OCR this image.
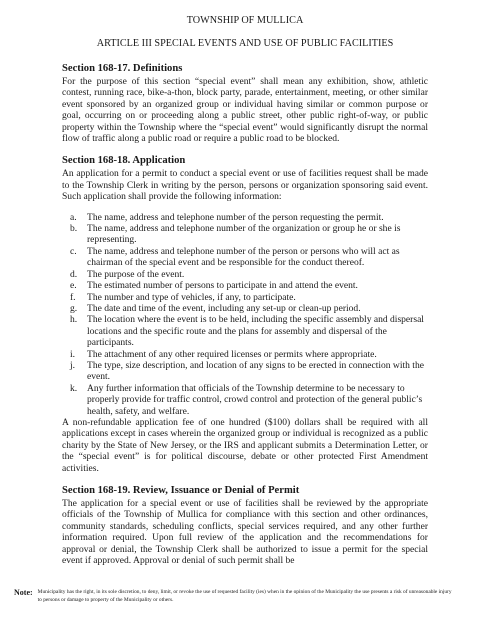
TOWNSHIP OF MULLICA

ARTICLE III SPECIAL EVENTS AND USE OF PUBLIC FACILITIES

Section 168-17. Definitions

For the purpose of this section “special event” shall mean any exhibition, show, athletic contest, running race, bike-a-thon, block party, parade, entertainment, meeting, or other similar event sponsored by an organized group or individual having similar or common purpose or goal, occurring on or proceeding along a public street, other public right-of-way, or public property within the Township where the “special event” would significantly disrupt the normal flow of traffic along a public road or require a public road to be blocked.

Section 168-18. Application

An application for a permit to conduct a special event or use of facilities request shall be made to the Township Clerk in writing by the person, persons or organization sponsoring said event. Such application shall provide the following information:

a. The name, address and telephone number of the person requesting the permit.
b. The name, address and telephone number of the organization or group he or she is representing.
c. The name, address and telephone number of the person or persons who will act as chairman of the special event and be responsible for the conduct thereof.
d. The purpose of the event.
e. The estimated number of persons to participate in and attend the event.
f. The number and type of vehicles, if any, to participate.
g. The date and time of the event, including any set-up or clean-up period.
h. The location where the event is to be held, including the specific assembly and dispersal locations and the specific route and the plans for assembly and dispersal of the participants.
i. The attachment of any other required licenses or permits where appropriate.
j. The type, size description, and location of any signs to be erected in connection with the event.
k. Any further information that officials of the Township determine to be necessary to properly provide for traffic control, crowd control and protection of the general public’s health, safety, and welfare.

A non-refundable application fee of one hundred ($100) dollars shall be required with all applications except in cases wherein the organized group or individual is recognized as a public charity by the State of New Jersey, or the IRS and applicant submits a Determination Letter, or the “special event” is for political discourse, debate or other protected First Amendment activities.

Section 168-19. Review, Issuance or Denial of Permit

The application for a special event or use of facilities shall be reviewed by the appropriate officials of the Township of Mullica for compliance with this section and other ordinances, community standards, scheduling conflicts, special services required, and any other further information required. Upon full review of the application and the recommendations for approval or denial, the Township Clerk shall be authorized to issue a permit for the special event if approved. Approval or denial of such permit shall be

Note: Municipality has the right, in its sole discretion, to deny, limit, or revoke the use of requested facility (ies) when in the opinion of the Municipality the use presents a risk of unreasonable injury to persons or damage to property of the Municipality or others.
